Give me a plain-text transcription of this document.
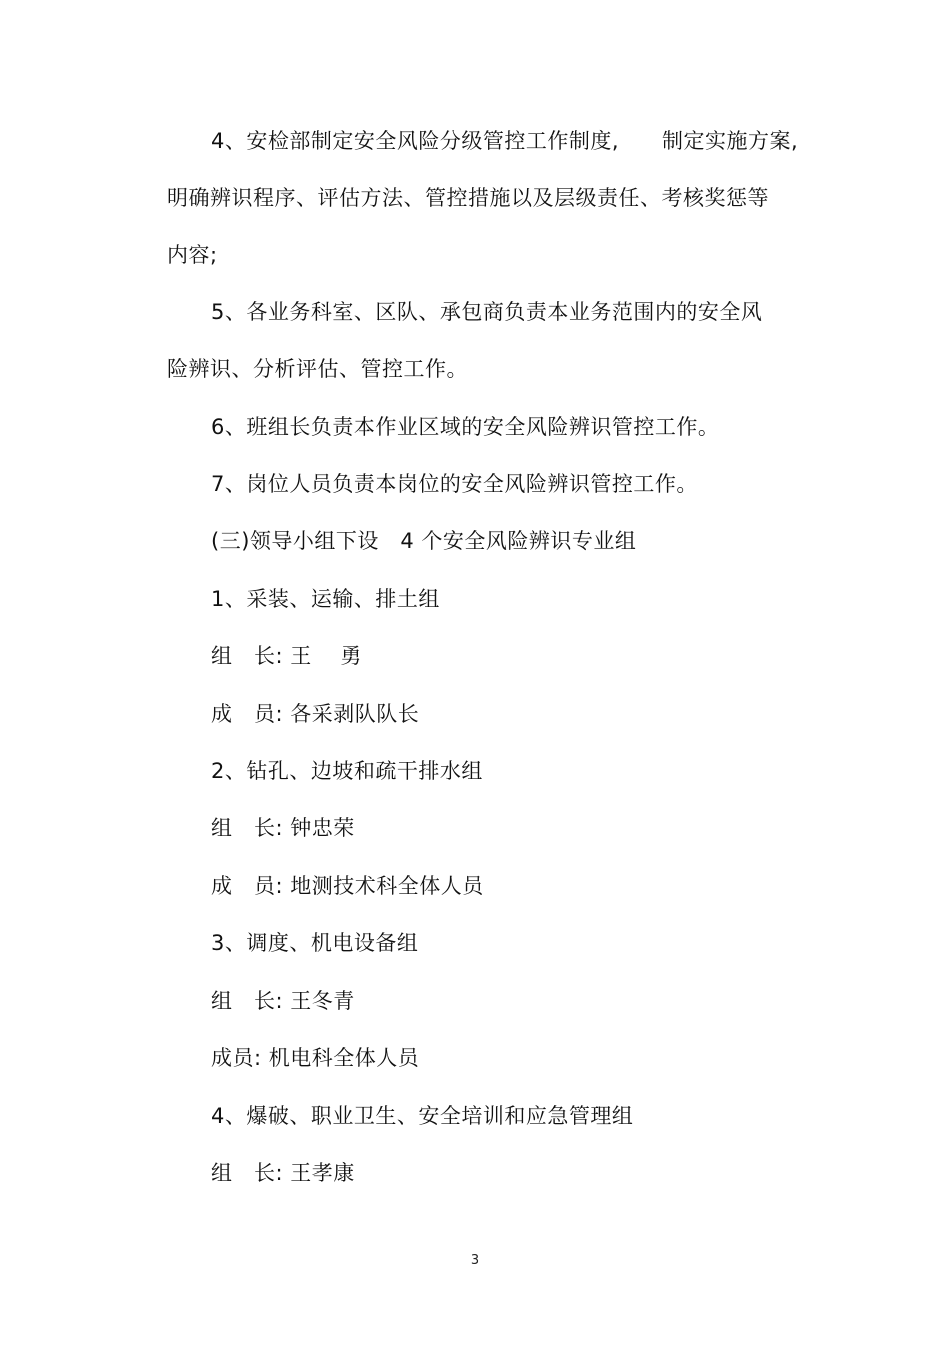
4、安检部制定安全风险分级管控工作制度,　　制定实施方案,
明确辨识程序、评估方法、管控措施以及层级责任、考核奖惩等
内容;
5、各业务科室、区队、承包商负责本业务范围内的安全风
险辨识、分析评估、管控工作。
6、班组长负责本作业区域的安全风险辨识管控工作。
7、岗位人员负责本岗位的安全风险辨识管控工作。
(三)领导小组下设　4 个安全风险辨识专业组
1、采装、运输、排土组
组　长: 王　 勇
成　员: 各采剥队队长
2、钻孔、边坡和疏干排水组
组　长: 钟忠荣
成　员: 地测技术科全体人员
3、调度、机电设备组
组　长: 王冬青
成员: 机电科全体人员
4、爆破、职业卫生、安全培训和应急管理组
组　长: 王孝康
3
